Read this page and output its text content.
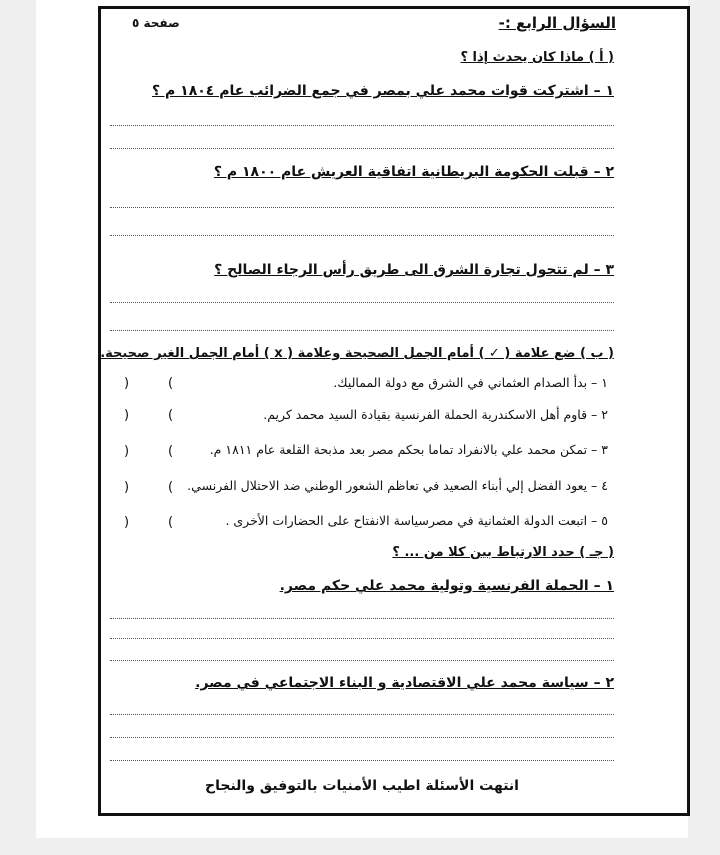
صفحة ٥	السؤال الرابع :-
( أ ) ماذا كان يحدث إذا ؟
١ – اشتركت قوات محمد علي بمصر في جمع الضرائب عام ١٨٠٤ م ؟
٢ – قبلت الحكومة البريطانية اتفاقية العريش عام ١٨٠٠ م ؟
٣ – لم تتحول تجارة الشرق الى طريق رأس الرجاء الصالح ؟
( ب ) ضع علامة ( ✓ ) أمام الجمل الصحيحة وعلامة ( x ) أمام الجمل الغير صحيحة.
١ – بدأ الصدام العثماني في الشرق مع دولة المماليك.
٢ – قاوم أهل الاسكندرية الحملة الفرنسية بقيادة السيد محمد كريم.
٣ – تمكن محمد علي بالانفراد تماما بحكم مصر بعد مذبحة القلعة عام ١٨١١ م.
٤ – يعود الفضل إلي أبناء الصعيد في تعاظم الشعور الوطني ضد الاحتلال الفرنسي.
٥ – اتبعت الدولة العثمانية في مصرسياسة الانفتاح على الحضارات الأخرى .
(
)
(
)
(
)
(
)
(
)
( جـ ) حدد الارتباط بين كلا من ... ؟
١ – الحملة الفرنسية وتولية محمد علي حكم مصر.
٢ – سياسة محمد علي الاقتصادية و البناء الاجتماعي في مصر.
انتهت الأسئلة اطيب الأمنيات بالتوفيق والنجاح
